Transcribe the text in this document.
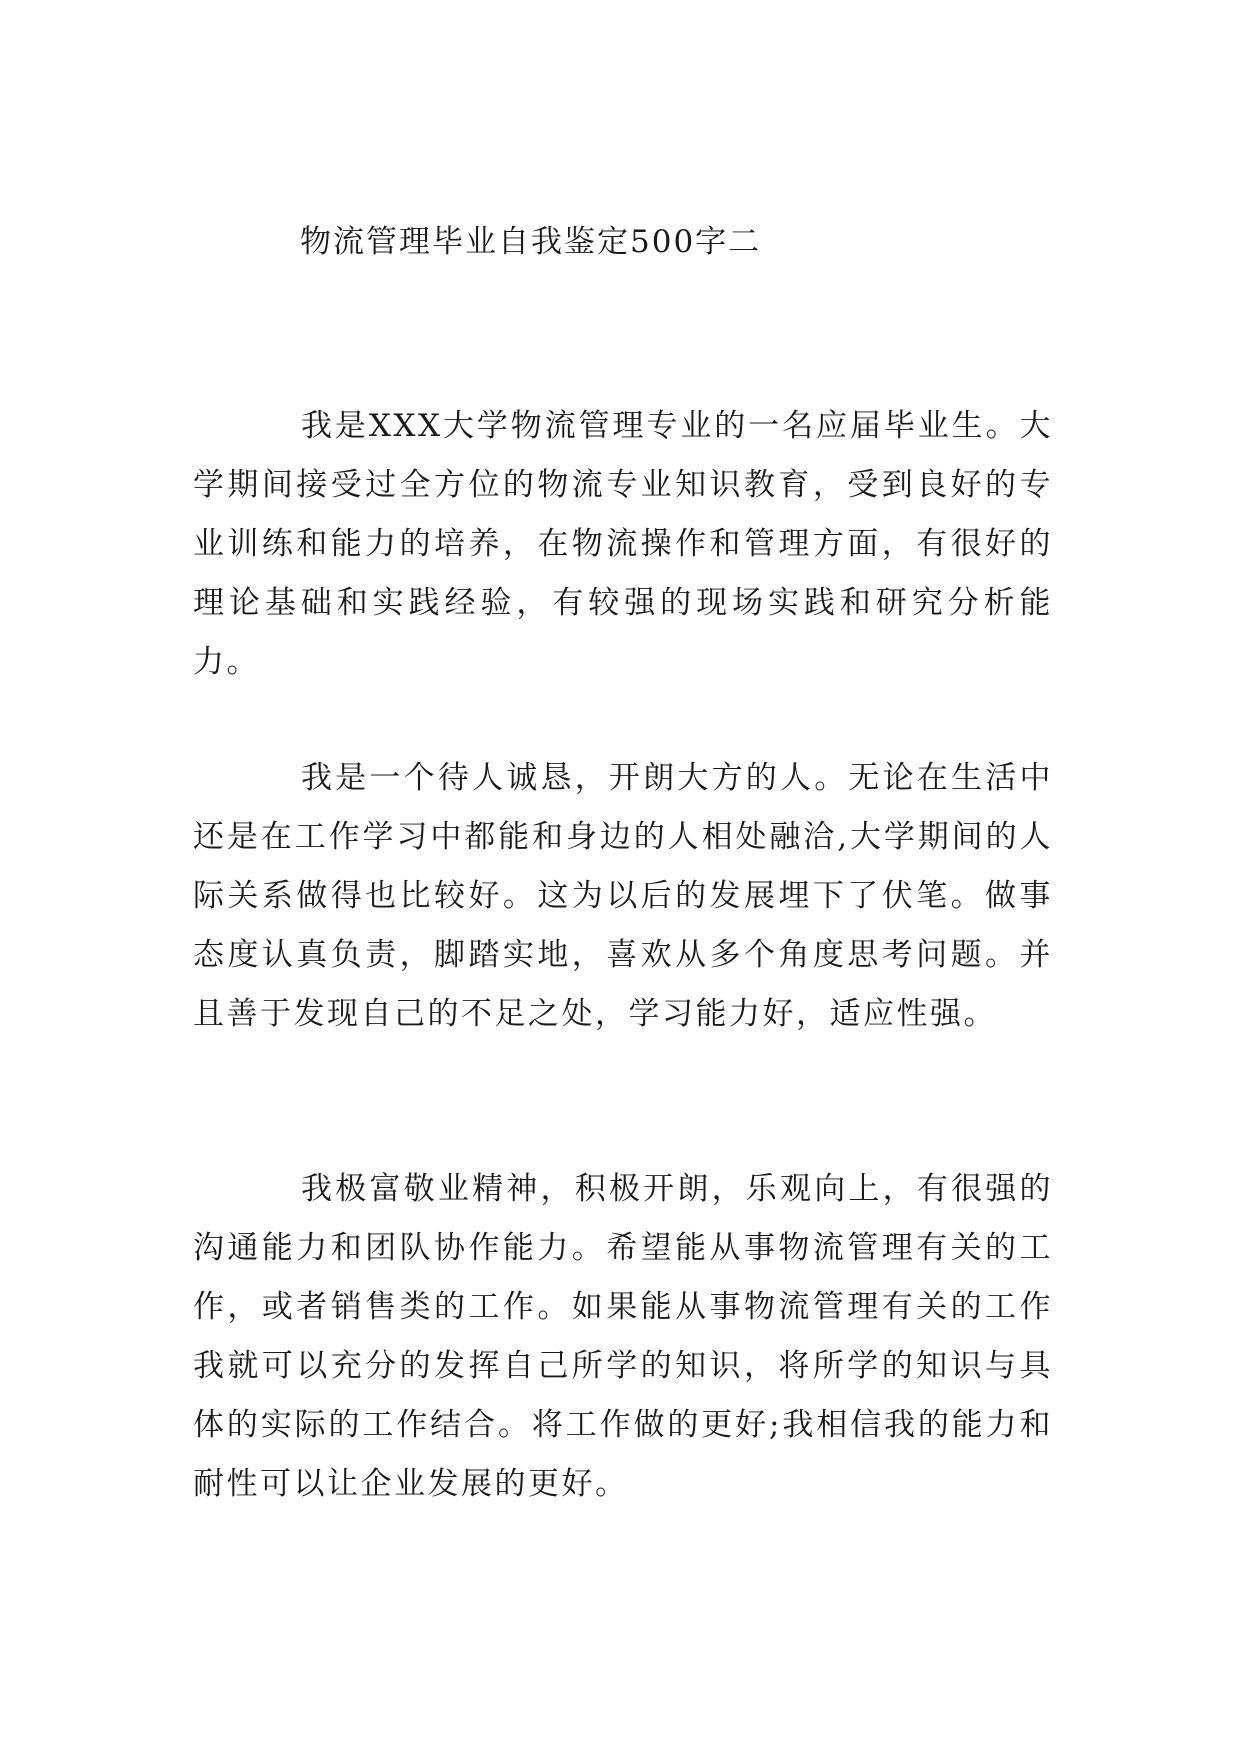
物流管理毕业自我鉴定500字二

我是XXX大学物流管理专业的一名应届毕业生。大学期间接受过全方位的物流专业知识教育，受到良好的专业训练和能力的培养，在物流操作和管理方面，有很好的理论基础和实践经验，有较强的现场实践和研究分析能力。

我是一个待人诚恳，开朗大方的人。无论在生活中还是在工作学习中都能和身边的人相处融洽,大学期间的人际关系做得也比较好。这为以后的发展埋下了伏笔。做事态度认真负责，脚踏实地，喜欢从多个角度思考问题。并且善于发现自己的不足之处，学习能力好，适应性强。

我极富敬业精神，积极开朗，乐观向上，有很强的沟通能力和团队协作能力。希望能从事物流管理有关的工作，或者销售类的工作。如果能从事物流管理有关的工作我就可以充分的发挥自己所学的知识，将所学的知识与具体的实际的工作结合。将工作做的更好;我相信我的能力和耐性可以让企业发展的更好。
